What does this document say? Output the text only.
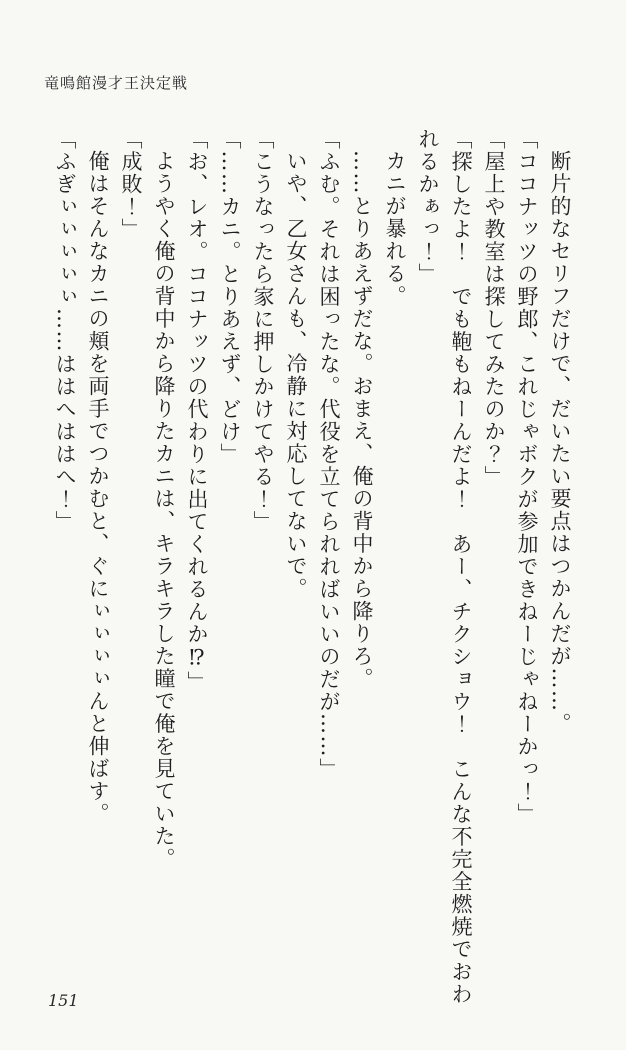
竜鳴館漫才王決定戦

断片的なセリフだけで、だいたい要点はつかんだが……。

「ココナッツの野郎、これじゃボクが参加できねーじゃねーかっ！」

「屋上や教室は探してみたのか？」

「探したよ！　でも鞄もねーんだよ！　あー、チクショウ！　こんな不完全燃焼でおわれるかぁっ！」

カニが暴れる。

……とりあえずだな。おまえ、俺の背中から降りろ。

「ふむ。それは困ったな。代役を立てられればいいのだが……」

いや、乙女さんも、冷静に対応してないで。

「こうなったら家に押しかけてやる！」

「……カニ。とりあえず、どけ」

「お、レオ。ココナッツの代わりに出てくれるんか⁉」

ようやく俺の背中から降りたカニは、キラキラした瞳で俺を見ていた。

「成敗！」

俺はそんなカニの頬を両手でつかむと、ぐにぃぃぃぃんと伸ばす。

「ふぎぃぃぃぃぃ……ははへははへ！」

151
